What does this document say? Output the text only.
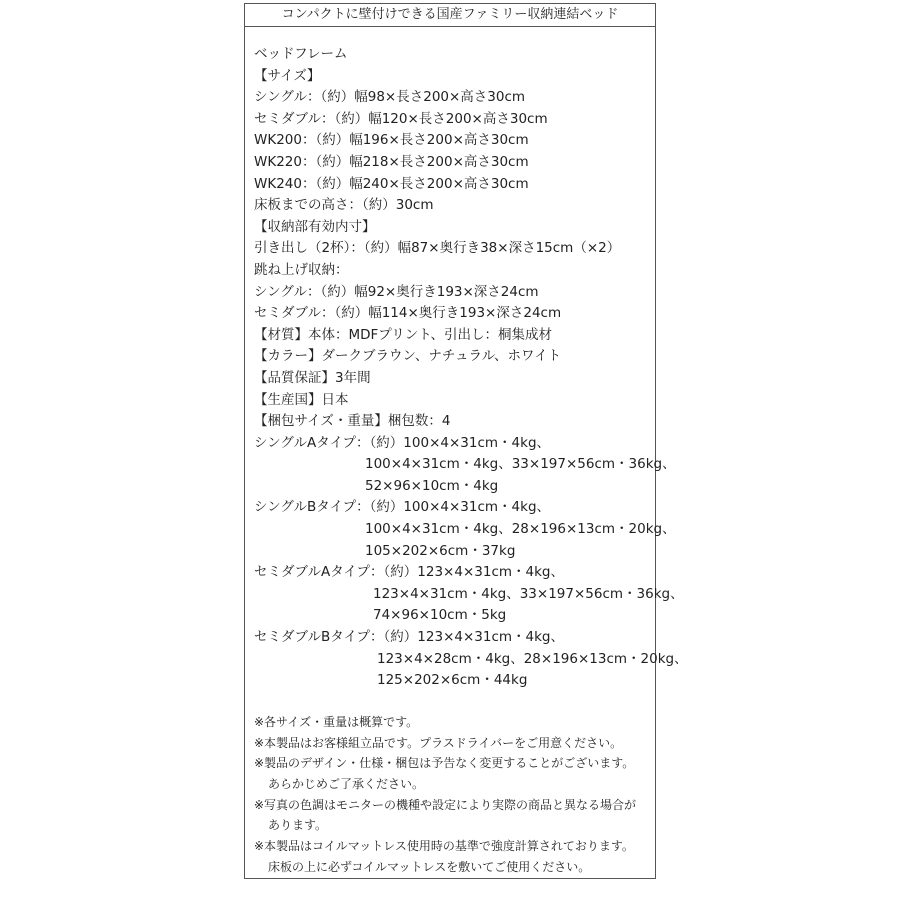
コンパクトに壁付けできる国産ファミリー収納連結ベッド
ベッドフレーム
【サイズ】
シングル：（約）幅98×長さ200×高さ30cm
セミダブル：（約）幅120×長さ200×高さ30cm
WK200：（約）幅196×長さ200×高さ30cm
WK220：（約）幅218×長さ200×高さ30cm
WK240：（約）幅240×長さ200×高さ30cm
床板までの高さ：（約）30cm
【収納部有効内寸】
引き出し（2杯）：（約）幅87×奥行き38×深さ15cm（×2）
跳ね上げ収納：
シングル：（約）幅92×奥行き193×深さ24cm
セミダブル：（約）幅114×奥行き193×深さ24cm
【材質】本体：MDFプリント、引出し：桐集成材
【カラー】ダークブラウン、ナチュラル、ホワイト
【品質保証】3年間
【生産国】日本
【梱包サイズ・重量】梱包数：4
シングルAタイプ：（約）100×4×31cm・4kg、
100×4×31cm・4kg、33×197×56cm・36kg、
52×96×10cm・4kg
シングルBタイプ：（約）100×4×31cm・4kg、
100×4×31cm・4kg、28×196×13cm・20kg、
105×202×6cm・37kg
セミダブルAタイプ：（約）123×4×31cm・4kg、
123×4×31cm・4kg、33×197×56cm・36kg、
74×96×10cm・5kg
セミダブルBタイプ：（約）123×4×31cm・4kg、
123×4×28cm・4kg、28×196×13cm・20kg、
125×202×6cm・44kg
※各サイズ・重量は概算です。
※本製品はお客様組立品です。プラスドライバーをご用意ください。
※製品のデザイン・仕様・梱包は予告なく変更することがございます。
あらかじめご了承ください。
※写真の色調はモニターの機種や設定により実際の商品と異なる場合が
あります。
※本製品はコイルマットレス使用時の基準で強度計算されております。
床板の上に必ずコイルマットレスを敷いてご使用ください。
